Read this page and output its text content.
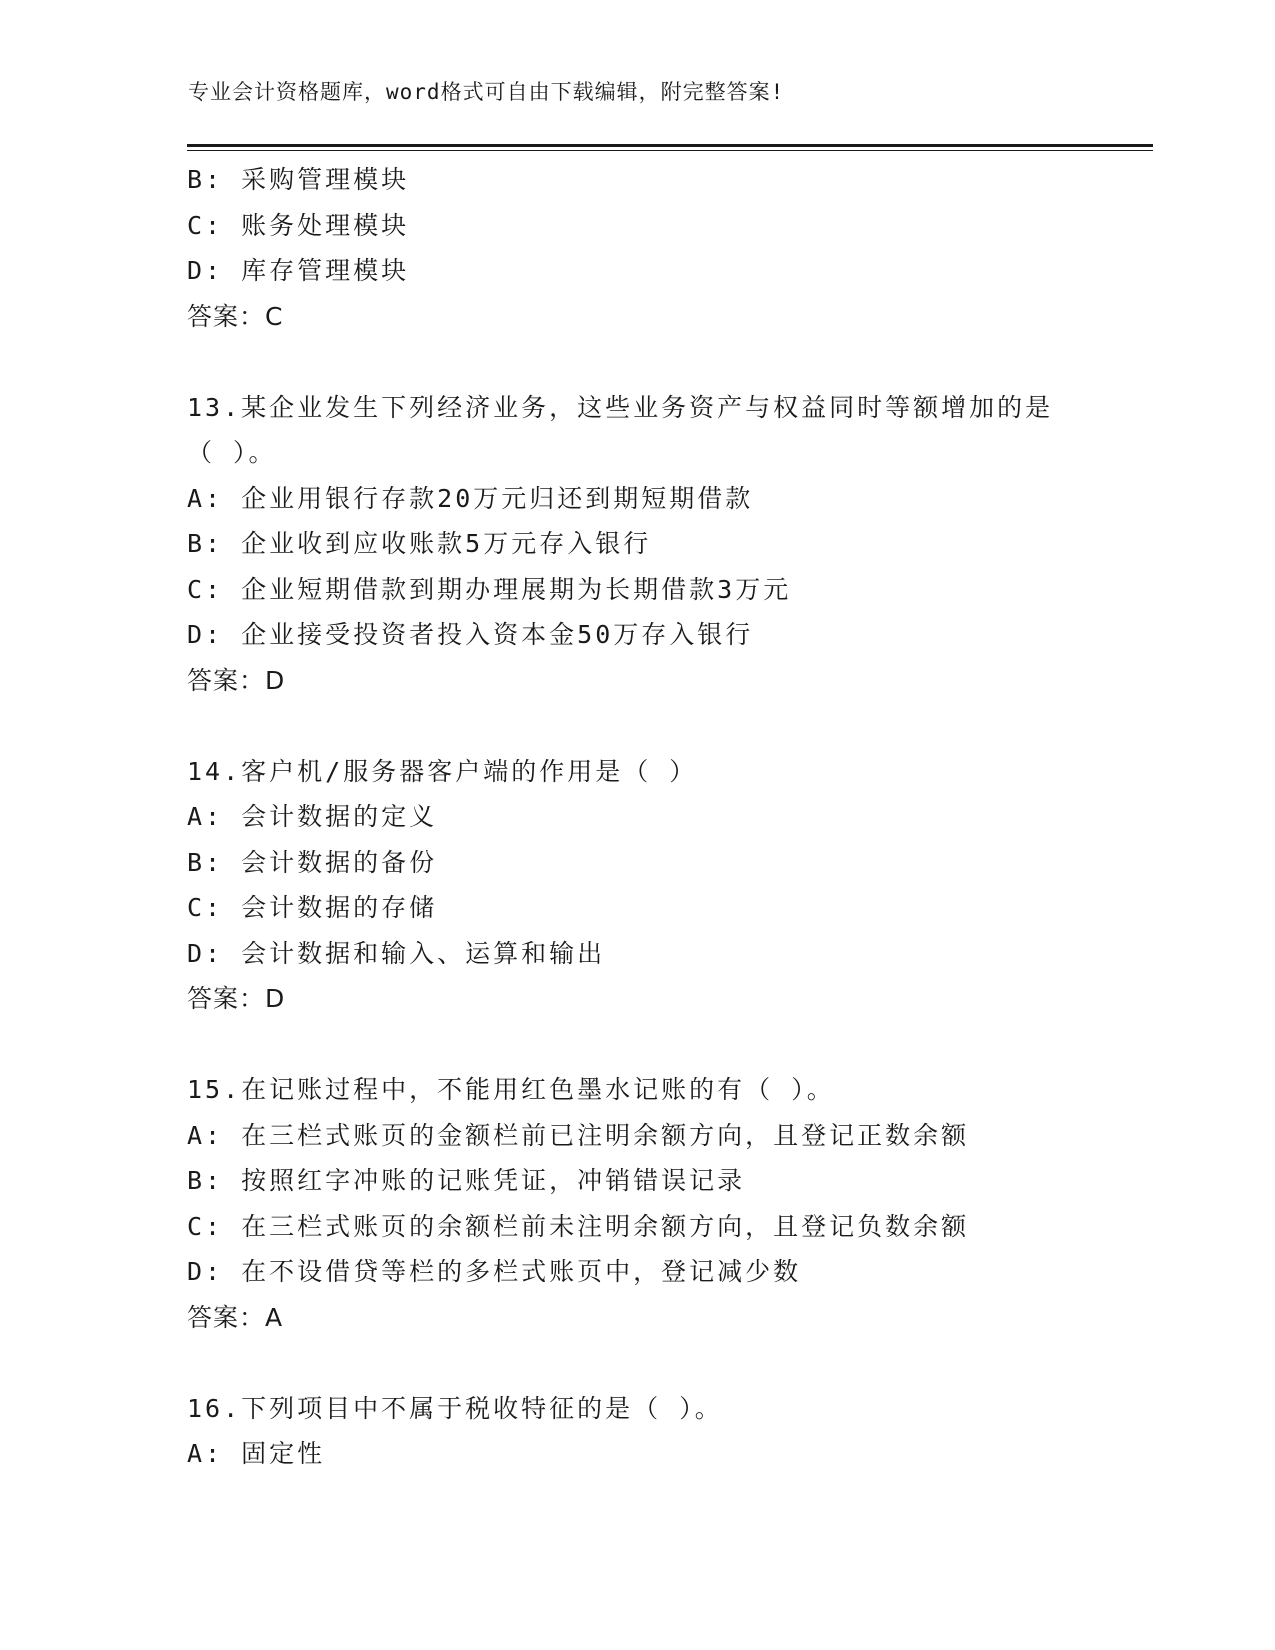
专业会计资格题库，word格式可自由下载编辑，附完整答案!
B: 采购管理模块
C: 账务处理模块
D: 库存管理模块
答案：C
13.某企业发生下列经济业务，这些业务资产与权益同时等额增加的是
（ ）。
A: 企业用银行存款20万元归还到期短期借款
B: 企业收到应收账款5万元存入银行
C: 企业短期借款到期办理展期为长期借款3万元
D: 企业接受投资者投入资本金50万存入银行
答案：D
14.客户机/服务器客户端的作用是（ ）
A: 会计数据的定义
B: 会计数据的备份
C: 会计数据的存储
D: 会计数据和输入、运算和输出
答案：D
15.在记账过程中，不能用红色墨水记账的有（ ）。
A: 在三栏式账页的金额栏前已注明余额方向，且登记正数余额
B: 按照红字冲账的记账凭证，冲销错误记录
C: 在三栏式账页的余额栏前未注明余额方向，且登记负数余额
D: 在不设借贷等栏的多栏式账页中，登记减少数
答案：A
16.下列项目中不属于税收特征的是（ ）。
A: 固定性
